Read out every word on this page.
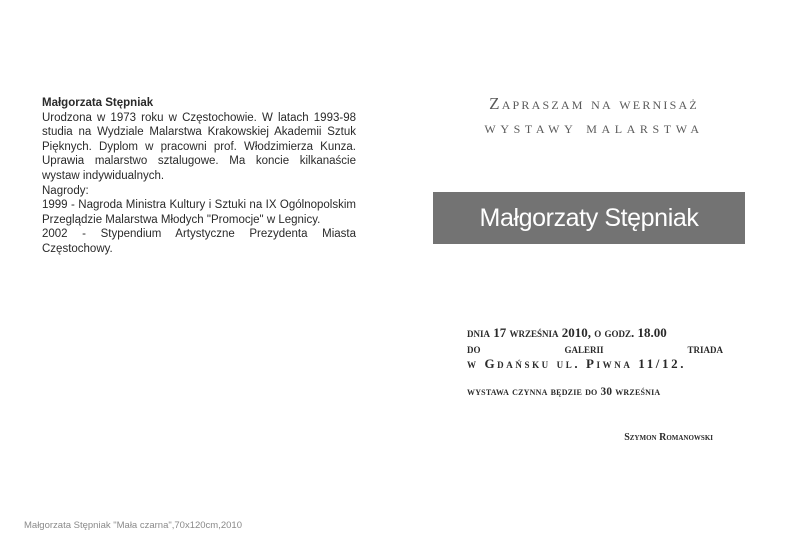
Małgorzata Stępniak

Urodzona w 1973 roku w Częstochowie. W latach 1993-98 studia na Wydziale Malarstwa Krakowskiej Akademii Sztuk Pięknych. Dyplom w pracowni prof. Włodzimierza Kunza. Uprawia malarstwo sztalugowe. Ma koncie kilkanaście wystaw indywidualnych.

Nagrody:

1999 - Nagroda Ministra Kultury i Sztuki na IX Ogólnopolskim Przeglądzie Malarstwa Młodych "Promocje" w Legnicy.

2002 - Stypendium Artystyczne Prezydenta Miasta Częstochowy.

Zapraszam na wernisaż
wystawy malarstwa
Małgorzaty Stępniak
dnia 17 września 2010, o godz. 18.00
do	galerii	triada
w Gdańsku ul. Piwna 11/12.
wystawa czynna będzie do 30 września
Szymon Romanowski
Małgorzata Stępniak "Mała czarna",70x120cm,2010
